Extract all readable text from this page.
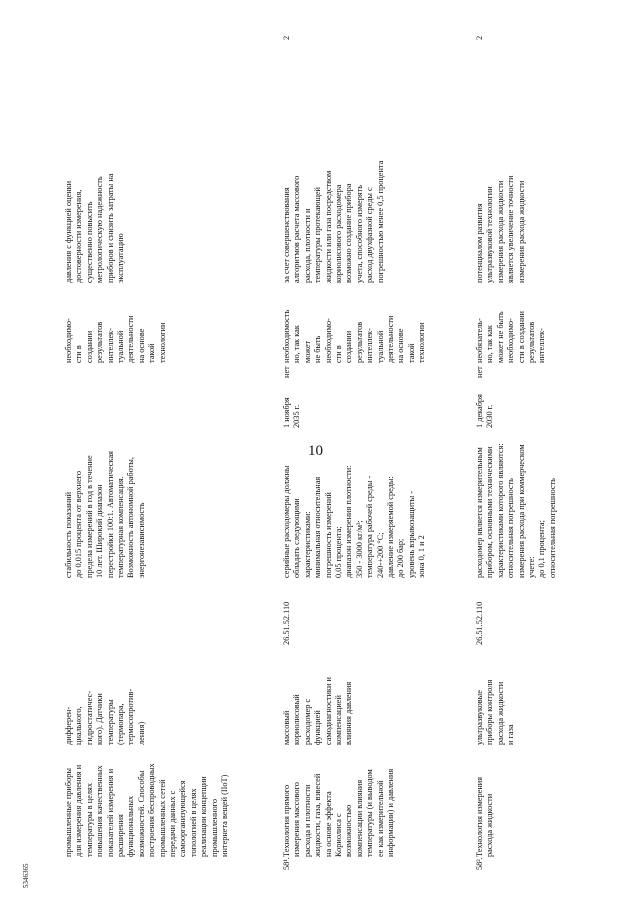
10
5346365
промышленные приборы
для измерения давления и
температуры в целях
повышения качественных
показателей измерения и
расширения
функциональных
возможностей. Способы
построения беспроводных
промышленных сетей
передачи данных с
самоорганизующейся
топологией в целях
реализации концепции
промышленного
интернета вещей (IIoT)
дифферен-
циального,
гидростатичес-
кого). Датчики
температуры
(термопара,
термосопротив-
ления)
стабильность показаний
до 0,015 процента от верхнего
предела измерений в год в течение
10 лет. Широкий диапазон
перестройки 100:1. Автоматическая
температурная компенсация.
Возможность автономной работы,
энергонезависимость
необходимо-
сти в
создании
результатов
интеллек-
туальной
деятельности
на основе
такой
технологии
давления с функцией оценки
достоверности измерения,
существенно повысить
метрологическую надежность
приборов и снизить затраты на
эксплуатацию
58¹.
Технология прямого
измерения массового
расхода и плотности
жидкости, газа, взвесей
на основе эффекта
Кориолиса с
возможностью
компенсации влияния
температуры (и выводом
ее как измерительной
информации) и давления
массовый
кориолисовый
расходомер с
функцией
самодиагностики и
компенсацией
влияния давления
26.51.52.110
серийные расходомеры должны
обладать следующими
характеристиками:
минимальная относительная
погрешность измерений
0,05 процента;
диапазон измерения плотности:
350 - 3000 кг/м³;
температура рабочей среды -
240-+200 °C;
давление измеряемой среды:
до 200 бар;
уровень взрывозащиты -
зона 0, 1 и 2
1 ноября
2035 г.
нет
необходимость
но, так как
может
не быть
необходимо-
сти в
создании
результатов
интеллек-
туальной
деятельности
на основе
такой
технологии
за счет совершенствования
алгоритмов расчета массового
расхода, плотности и
температуры протекающей
жидкости или газа посредством
кориолисового расходомера
возможно создание прибора
учета, способного измерять
расход двухфазной среды с
погрешностью менее 0,5 процента
2
58².
Технология измерения
расхода жидкости
ультразвуковые
приборы контроля
расхода жидкости
и газа
26.51.52.110
расходомер является измерительным
прибором, основными техническими
характеристиками которого являются:
относительная погрешность
измерения расхода при коммерческом
учете:
до 0,1 процента;
относительная погрешность
1 декабря
2030 г.
нет
необязатель-
но, так как
может не быть
необходимо-
сти в создании
результатов
интеллек-
потенциалом развития
ультразвуковой технологии
измерения расхода жидкости
является увеличение точности
измерения расхода жидкости
2
